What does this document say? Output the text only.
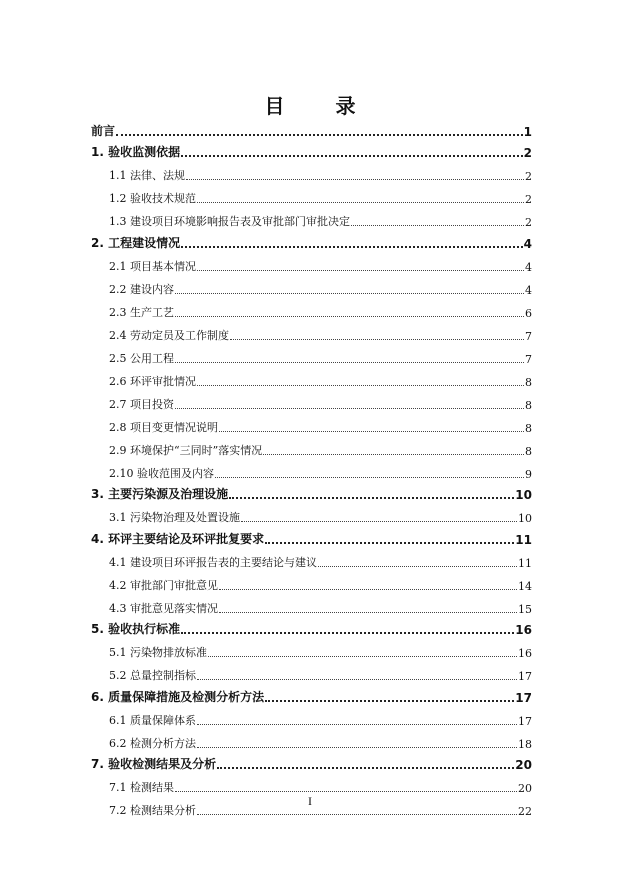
目 录
前言	1
1. 验收监测依据	2
1.1 法律、法规	2
1.2 验收技术规范	2
1.3 建设项目环境影响报告表及审批部门审批决定	2
2. 工程建设情况	4
2.1 项目基本情况	4
2.2 建设内容	4
2.3 生产工艺	6
2.4 劳动定员及工作制度	7
2.5 公用工程	7
2.6 环评审批情况	8
2.7 项目投资	8
2.8 项目变更情况说明	8
2.9 环境保护“三同时”落实情况	8
2.10 验收范围及内容	9
3. 主要污染源及治理设施	10
3.1 污染物治理及处置设施	10
4. 环评主要结论及环评批复要求	11
4.1 建设项目环评报告表的主要结论与建议	11
4.2 审批部门审批意见	14
4.3 审批意见落实情况	15
5. 验收执行标准	16
5.1 污染物排放标准	16
5.2 总量控制指标	17
6. 质量保障措施及检测分析方法	17
6.1 质量保障体系	17
6.2 检测分析方法	18
7. 验收检测结果及分析	20
7.1 检测结果	20
7.2 检测结果分析	22
I
